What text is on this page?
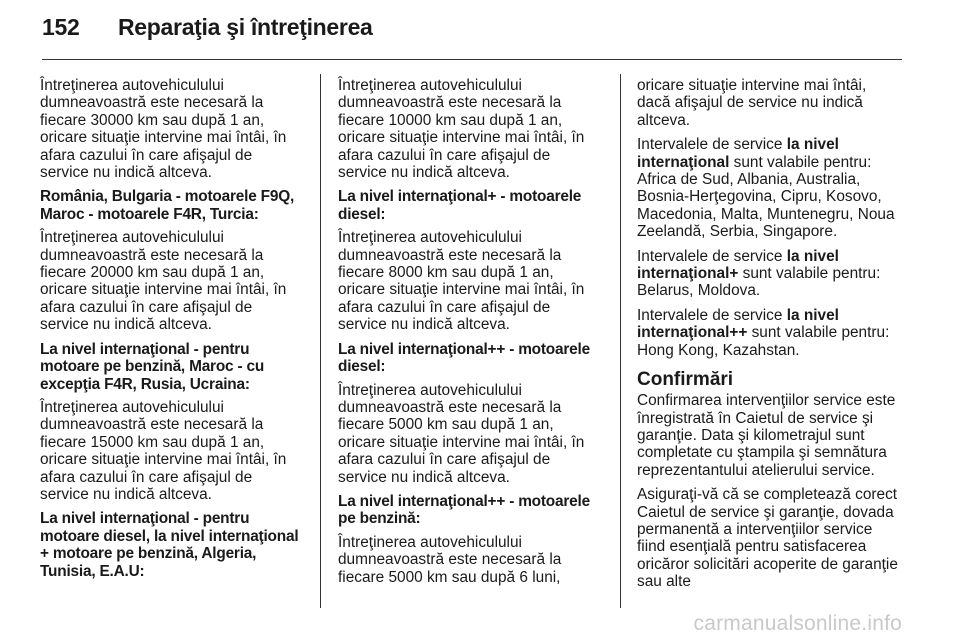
152	Reparaţia şi întreţinerea

Întreţinerea autovehiculului dumneavoastră este necesară la fiecare 30000 km sau după 1 an, oricare situaţie intervine mai întâi, în afara cazului în care afişajul de service nu indică altceva.

România, Bulgaria - motoarele F9Q, Maroc - motoarele F4R, Turcia:

Întreţinerea autovehiculului dumneavoastră este necesară la fiecare 20000 km sau după 1 an, oricare situaţie intervine mai întâi, în afara cazului în care afişajul de service nu indică altceva.

La nivel internaţional - pentru motoare pe benzină, Maroc - cu excepţia F4R, Rusia, Ucraina:

Întreţinerea autovehiculului dumneavoastră este necesară la fiecare 15000 km sau după 1 an, oricare situaţie intervine mai întâi, în afara cazului în care afişajul de service nu indică altceva.

La nivel internaţional - pentru motoare diesel, la nivel internaţional + motoare pe benzină, Algeria, Tunisia, E.A.U:

Întreţinerea autovehiculului dumneavoastră este necesară la fiecare 10000 km sau după 1 an, oricare situaţie intervine mai întâi, în afara cazului în care afişajul de service nu indică altceva.

La nivel internaţional+ - motoarele diesel:

Întreţinerea autovehiculului dumneavoastră este necesară la fiecare 8000 km sau după 1 an, oricare situaţie intervine mai întâi, în afara cazului în care afişajul de service nu indică altceva.

La nivel internaţional++ - motoarele diesel:

Întreţinerea autovehiculului dumneavoastră este necesară la fiecare 5000 km sau după 1 an, oricare situaţie intervine mai întâi, în afara cazului în care afişajul de service nu indică altceva.

La nivel internaţional++ - motoarele pe benzină:

Întreţinerea autovehiculului dumneavoastră este necesară la fiecare 5000 km sau după 6 luni,

oricare situaţie intervine mai întâi, dacă afişajul de service nu indică altceva.

Intervalele de service la nivel internaţional sunt valabile pentru: Africa de Sud, Albania, Australia, Bosnia-Herţegovina, Cipru, Kosovo, Macedonia, Malta, Muntenegru, Noua Zeelandă, Serbia, Singapore.

Intervalele de service la nivel internaţional+ sunt valabile pentru: Belarus, Moldova.

Intervalele de service la nivel internaţional++ sunt valabile pentru: Hong Kong, Kazahstan.

Confirmări

Confirmarea intervenţiilor service este înregistrată în Caietul de service şi garanţie. Data şi kilometrajul sunt completate cu ştampila şi semnătura reprezentantului atelierului service.

Asiguraţi-vă că se completează corect Caietul de service şi garanţie, dovada permanentă a intervenţiilor service fiind esenţială pentru satisfacerea oricăror solicitări acoperite de garanţie sau alte

carmanualsonline.info
